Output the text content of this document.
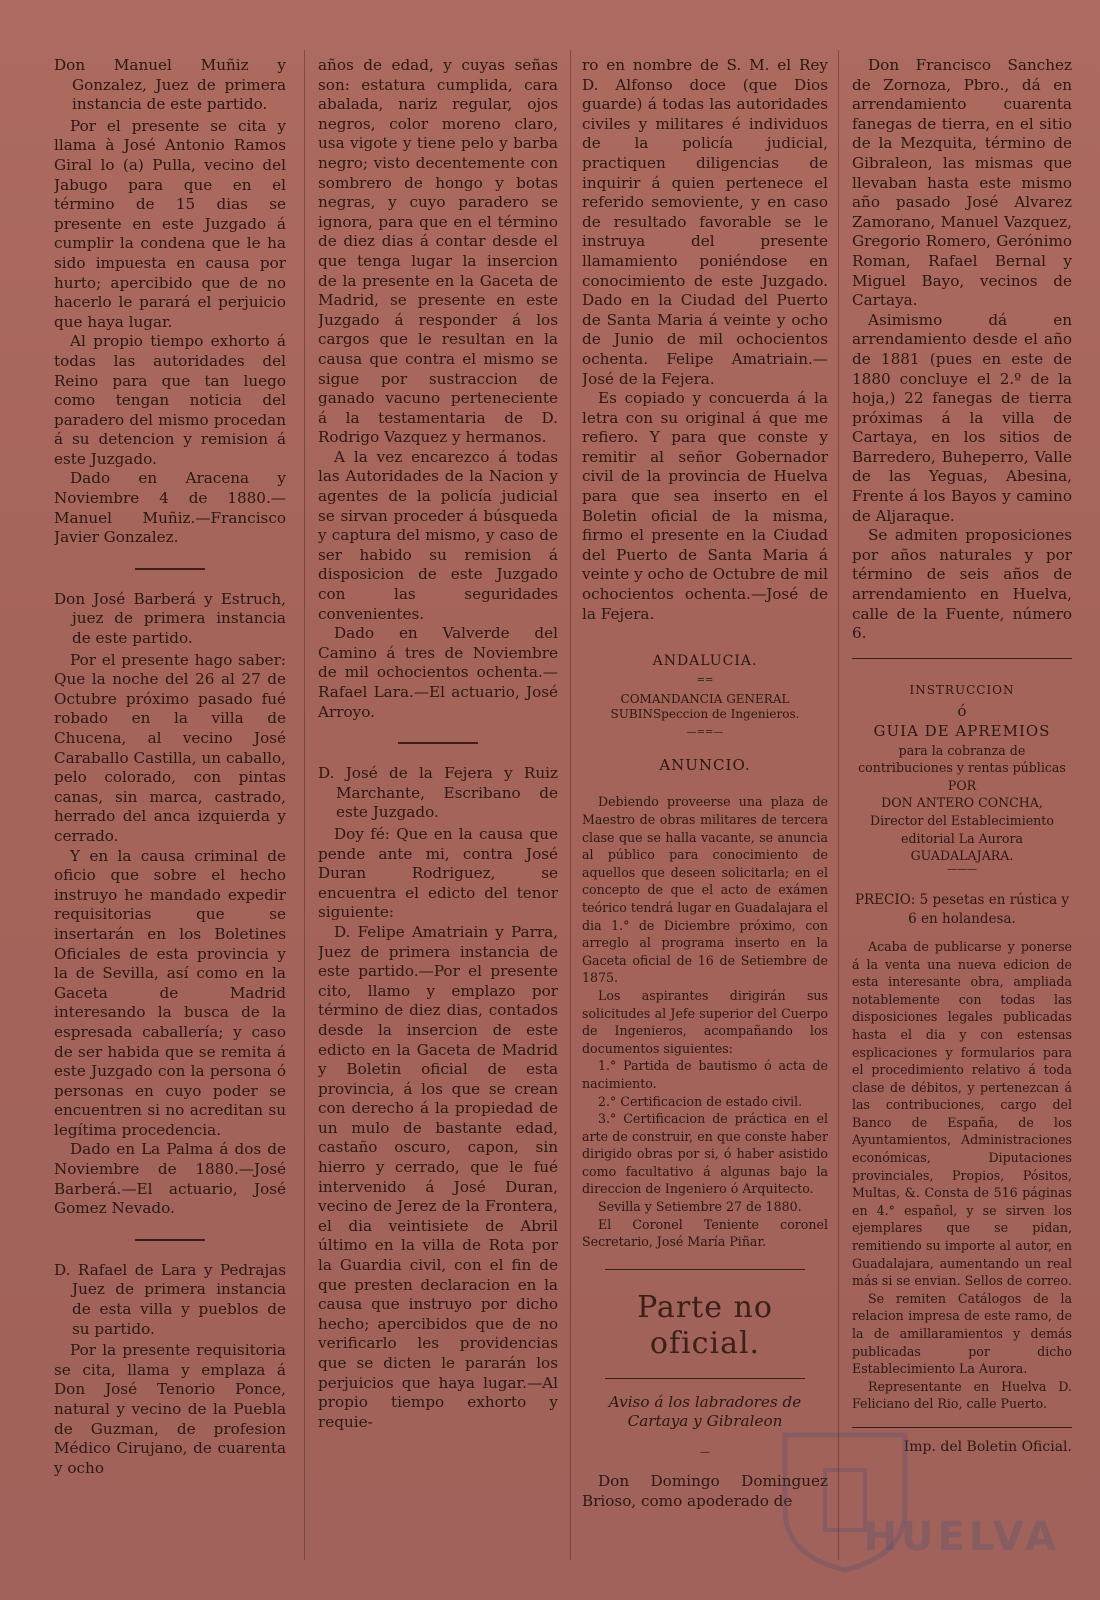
Don Manuel Muñiz y Gonzalez, Juez de primera instancia de este partido.

Por el presente se cita y llama à José Antonio Ramos Giral lo (a) Pulla, vecino del Jabugo para que en el término de 15 dias se presente en este Juzgado á cumplir la condena que le ha sido impuesta en causa por hurto; apercibido que de no hacerlo le parará el perjuicio que haya lugar.

Al propio tiempo exhorto á todas las autoridades del Reino para que tan luego como tengan noticia del paradero del mismo procedan á su detencion y remision á este Juzgado.

Dado en Aracena y Noviembre 4 de 1880.—Manuel Muñiz.—Francisco Javier Gonzalez.

Don José Barberá y Estruch, juez de primera instancia de este partido.

Por el presente hago saber: Que la noche del 26 al 27 de Octubre próximo pasado fué robado en la villa de Chucena, al vecino José Caraballo Castilla, un caballo, pelo colorado, con pintas canas, sin marca, castrado, herrado del anca izquierda y cerrado.

Y en la causa criminal de oficio que sobre el hecho instruyo he mandado expedir requisitorias que se insertarán en los Boletines Oficiales de esta provincia y la de Sevilla, así como en la Gaceta de Madrid interesando la busca de la espresada caballería; y caso de ser habida que se remita á este Juzgado con la persona ó personas en cuyo poder se encuentren si no acreditan su legítima procedencia.

Dado en La Palma á dos de Noviembre de 1880.—José Barberá.—El actuario, José Gomez Nevado.

D. Rafael de Lara y Pedrajas Juez de primera instancia de esta villa y pueblos de su partido.

Por la presente requisitoria se cita, llama y emplaza á Don José Tenorio Ponce, natural y vecino de la Puebla de Guzman, de profesion Médico Cirujano, de cuarenta y ocho

años de edad, y cuyas señas son: estatura cumplida, cara abalada, nariz regular, ojos negros, color moreno claro, usa vigote y tiene pelo y barba negro; visto decentemente con sombrero de hongo y botas negras, y cuyo paradero se ignora, para que en el término de diez dias á contar desde el que tenga lugar la insercion de la presente en la Gaceta de Madrid, se presente en este Juzgado á responder á los cargos que le resultan en la causa que contra el mismo se sigue por sustraccion de ganado vacuno perteneciente á la testamentaria de D. Rodrigo Vazquez y hermanos.

A la vez encarezco á todas las Autoridades de la Nacion y agentes de la policía judicial se sirvan proceder á búsqueda y captura del mismo, y caso de ser habido su remision á disposicion de este Juzgado con las seguridades convenientes.

Dado en Valverde del Camino á tres de Noviembre de mil ochocientos ochenta.—Rafael Lara.—El actuario, José Arroyo.

D. José de la Fejera y Ruiz Marchante, Escribano de este Juzgado.

Doy fé: Que en la causa que pende ante mi, contra José Duran Rodriguez, se encuentra el edicto del tenor siguiente:

D. Felipe Amatriain y Parra, Juez de primera instancia de este partido.—Por el presente cito, llamo y emplazo por término de diez dias, contados desde la insercion de este edicto en la Gaceta de Madrid y Boletin oficial de esta provincia, á los que se crean con derecho á la propiedad de un mulo de bastante edad, castaño oscuro, capon, sin hierro y cerrado, que le fué intervenido á José Duran, vecino de Jerez de la Frontera, el dia veintisiete de Abril último en la villa de Rota por la Guardia civil, con el fin de que presten declaracion en la causa que instruyo por dicho hecho; apercibidos que de no verificarlo les providencias que se dicten le pararán los perjuicios que haya lugar.—Al propio tiempo exhorto y requie-

ro en nombre de S. M. el Rey D. Alfonso doce (que Dios guarde) á todas las autoridades civiles y militares é individuos de la policía judicial, practiquen diligencias de inquirir á quien pertenece el referido semoviente, y en caso de resultado favorable se le instruya del presente llamamiento poniéndose en conocimiento de este Juzgado. Dado en la Ciudad del Puerto de Santa Maria á veinte y ocho de Junio de mil ochocientos ochenta. Felipe Amatriain.—José de la Fejera.

Es copiado y concuerda á la letra con su original á que me refiero. Y para que conste y remitir al señor Gobernador civil de la provincia de Huelva para que sea inserto en el Boletin oficial de la misma, firmo el presente en la Ciudad del Puerto de Santa Maria á veinte y ocho de Octubre de mil ochocientos ochenta.—José de la Fejera.

ANDALUCIA.

==

COMANDANCIA GENERAL SUBINSpeccion de Ingenieros.

—==—

ANUNCIO.

Debiendo proveerse una plaza de Maestro de obras militares de tercera clase que se halla vacante, se anuncia al público para conocimiento de aquellos que deseen solicitarla; en el concepto de que el acto de exámen teórico tendrá lugar en Guadalajara el dia 1.° de Diciembre próximo, con arreglo al programa inserto en la Gaceta oficial de 16 de Setiembre de 1875.

Los aspirantes dirigirán sus solicitudes al Jefe superior del Cuerpo de Ingenieros, acompañando los documentos siguientes:

1.° Partida de bautismo ó acta de nacimiento.

2.° Certificacion de estado civil.

3.° Certificacion de práctica en el arte de construir, en que conste haber dirigido obras por si, ó haber asistido como facultativo á algunas bajo la direccion de Ingeniero ó Arquitecto.

Sevilla y Setiembre 27 de 1880.

El Coronel Teniente coronel Secretario, José María Piñar.

Parte no oficial.

Aviso á los labradores de Cartaya y Gibraleon

—

Don Domingo Dominguez Brioso, como apoderado de

Don Francisco Sanchez de Zornoza, Pbro., dá en arrendamiento cuarenta fanegas de tierra, en el sitio de la Mezquita, término de Gibraleon, las mismas que llevaban hasta este mismo año pasado José Alvarez Zamorano, Manuel Vazquez, Gregorio Romero, Gerónimo Roman, Rafael Bernal y Miguel Bayo, vecinos de Cartaya.

Asimismo dá en arrendamiento desde el año de 1881 (pues en este de 1880 concluye el 2.º de la hoja,) 22 fanegas de tierra próximas á la villa de Cartaya, en los sitios de Barredero, Buheperro, Valle de las Yeguas, Abesina, Frente á los Bayos y camino de Aljaraque.

Se admiten proposiciones por años naturales y por término de seis años de arrendamiento en Huelva, calle de la Fuente, número 6.

INSTRUCCION

ó

GUIA DE APREMIOS

para la cobranza de contribuciones y rentas públicas

POR

DON ANTERO CONCHA,

Director del Establecimiento editorial La Aurora

GUADALAJARA.

———

PRECIO: 5 pesetas en rústica y 6 en holandesa.

Acaba de publicarse y ponerse á la venta una nueva edicion de esta interesante obra, ampliada notablemente con todas las disposiciones legales publicadas hasta el dia y con estensas esplicaciones y formularios para el procedimiento relativo á toda clase de débitos, y pertenezcan á las contribuciones, cargo del Banco de España, de los Ayuntamientos, Administraciones económicas, Diputaciones provinciales, Propios, Pósitos, Multas, &. Consta de 516 páginas en 4.° español, y se sirven los ejemplares que se pidan, remitiendo su importe al autor, en Guadalajara, aumentando un real más si se envian. Sellos de correo.

Se remiten Catálogos de la relacion impresa de este ramo, de la de amillaramientos y demás publicadas por dicho Establecimiento La Aurora.

Representante en Huelva D. Feliciano del Rio, calle Puerto.

Imp. del Boletin Oficial.

HUELVA
